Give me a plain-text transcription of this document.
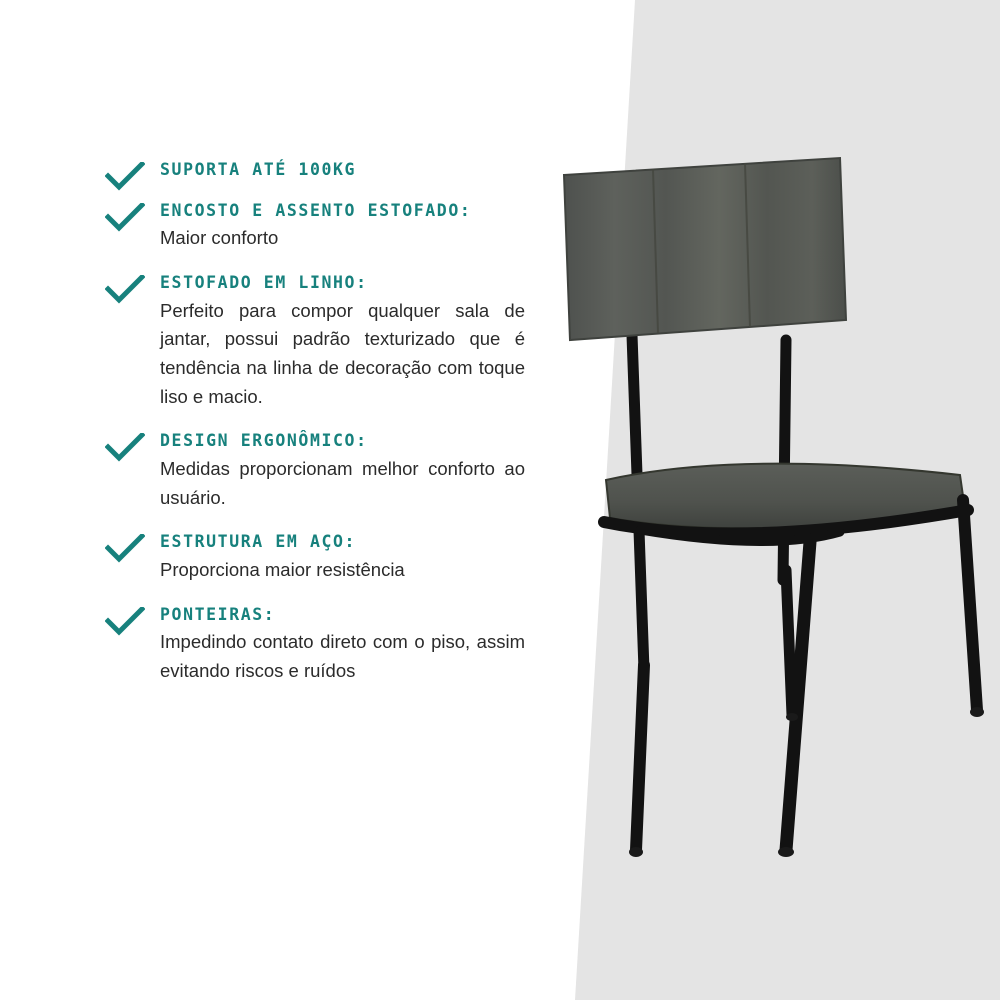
SUPORTA ATÉ 100KG

ENCOSTO E ASSENTO ESTOFADO:

Maior conforto

ESTOFADO EM LINHO:

Perfeito para compor qualquer sala de jantar, possui padrão texturizado que é tendência na linha de decoração com toque liso e macio.

DESIGN ERGONÔMICO:

Medidas proporcionam melhor conforto ao usuário.

ESTRUTURA EM AÇO:

Proporciona maior resistência

PONTEIRAS:

Impedindo contato direto com o piso, assim evitando riscos e ruídos
